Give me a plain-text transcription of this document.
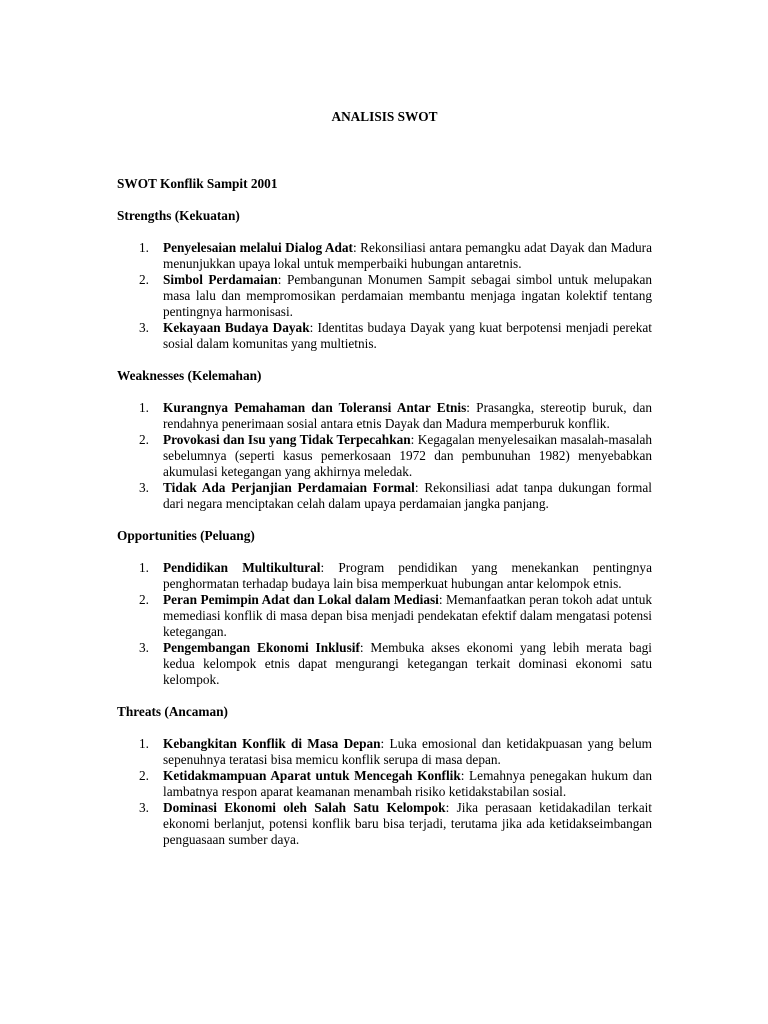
ANALISIS SWOT
SWOT Konflik Sampit 2001
Strengths (Kekuatan)
1. Penyelesaian melalui Dialog Adat: Rekonsiliasi antara pemangku adat Dayak dan Madura menunjukkan upaya lokal untuk memperbaiki hubungan antaretnis.
2. Simbol Perdamaian: Pembangunan Monumen Sampit sebagai simbol untuk melupakan masa lalu dan mempromosikan perdamaian membantu menjaga ingatan kolektif tentang pentingnya harmonisasi.
3. Kekayaan Budaya Dayak: Identitas budaya Dayak yang kuat berpotensi menjadi perekat sosial dalam komunitas yang multietnis.
Weaknesses (Kelemahan)
1. Kurangnya Pemahaman dan Toleransi Antar Etnis: Prasangka, stereotip buruk, dan rendahnya penerimaan sosial antara etnis Dayak dan Madura memperburuk konflik.
2. Provokasi dan Isu yang Tidak Terpecahkan: Kegagalan menyelesaikan masalah-masalah sebelumnya (seperti kasus pemerkosaan 1972 dan pembunuhan 1982) menyebabkan akumulasi ketegangan yang akhirnya meledak.
3. Tidak Ada Perjanjian Perdamaian Formal: Rekonsiliasi adat tanpa dukungan formal dari negara menciptakan celah dalam upaya perdamaian jangka panjang.
Opportunities (Peluang)
1. Pendidikan Multikultural: Program pendidikan yang menekankan pentingnya penghormatan terhadap budaya lain bisa memperkuat hubungan antar kelompok etnis.
2. Peran Pemimpin Adat dan Lokal dalam Mediasi: Memanfaatkan peran tokoh adat untuk memediasi konflik di masa depan bisa menjadi pendekatan efektif dalam mengatasi potensi ketegangan.
3. Pengembangan Ekonomi Inklusif: Membuka akses ekonomi yang lebih merata bagi kedua kelompok etnis dapat mengurangi ketegangan terkait dominasi ekonomi satu kelompok.
Threats (Ancaman)
1. Kebangkitan Konflik di Masa Depan: Luka emosional dan ketidakpuasan yang belum sepenuhnya teratasi bisa memicu konflik serupa di masa depan.
2. Ketidakmampuan Aparat untuk Mencegah Konflik: Lemahnya penegakan hukum dan lambatnya respon aparat keamanan menambah risiko ketidakstabilan sosial.
3. Dominasi Ekonomi oleh Salah Satu Kelompok: Jika perasaan ketidakadilan terkait ekonomi berlanjut, potensi konflik baru bisa terjadi, terutama jika ada ketidakseimbangan penguasaan sumber daya.
